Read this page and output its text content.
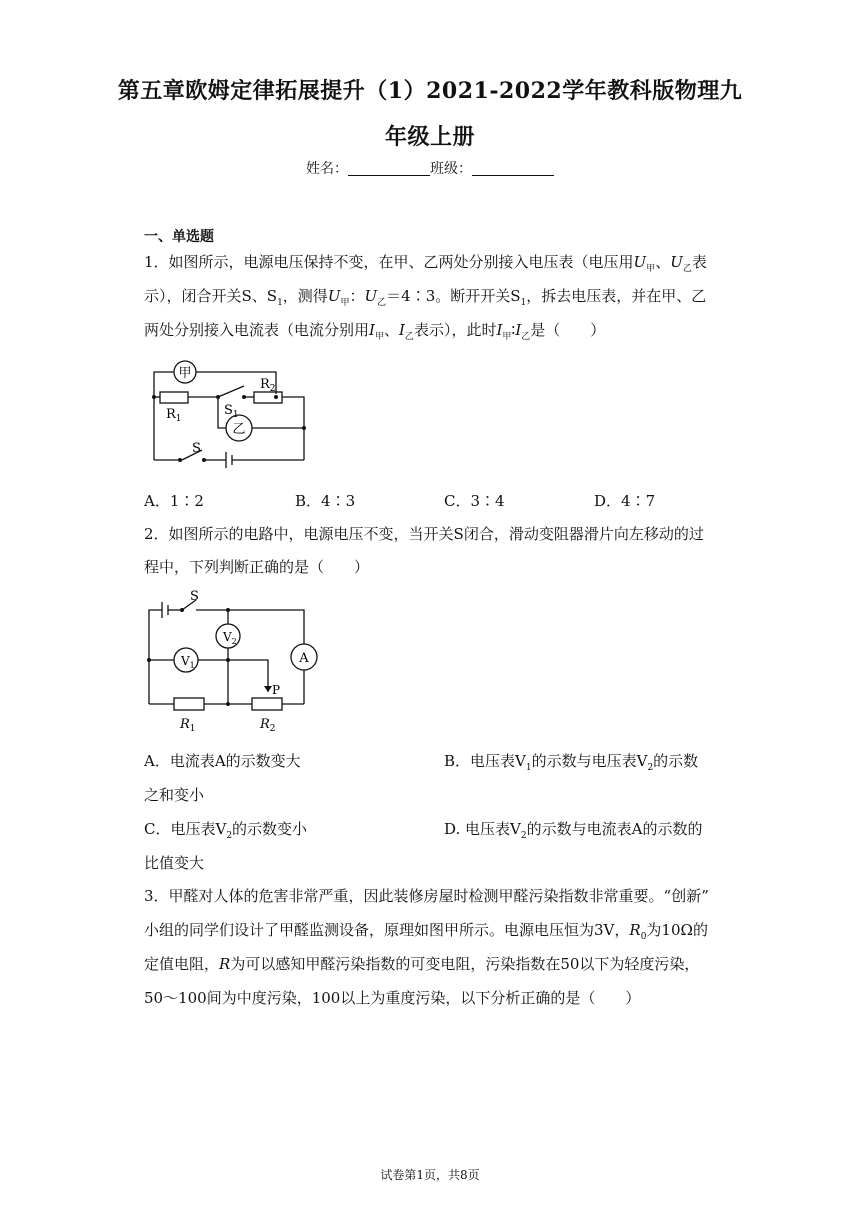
第五章欧姆定律拓展提升（1）2021-2022学年教科版物理九
年级上册
姓名：	班级：
一、单选题
1．如图所示，电源电压保持不变，在甲、乙两处分别接入电压表（电压用$U_甲$、$U_乙$表
示），闭合开关S、$S_1$，测得$U_甲$：$U_乙=4∶3$。断开开关$S_1$，拆去电压表，并在甲、乙
两处分别接入电流表（电流分别用$I_甲$、$I_乙$表示），此时$I_甲∶I_乙$是（　　）
甲
乙
$R_1$
$R_2$
$S_1$
S
A．1∶2	B．4∶3	C．3∶4	D．4∶7
2．如图所示的电路中，电源电压不变，当开关S闭合，滑动变阻器滑片向左移动的过
程中，下列判断正确的是（　　）
S
$V_2$
$V_1$	A
P
$R_1$	$R_2$
A．电流表A的示数变大	B．电压表$V_1$的示数与电压表$V_2$的示数
之和变小
C．电压表$V_2$的示数变小	D. 电压表$V_2$的示数与电流表A的示数的
比值变大
3．甲醛对人体的危害非常严重，因此装修房屋时检测甲醛污染指数非常重要。“创新”
小组的同学们设计了甲醛监测设备，原理如图甲所示。电源电压恒为3V，$R_0$为10Ω的
定值电阻，R为可以感知甲醛污染指数的可变电阻，污染指数在50以下为轻度污染，
50～100间为中度污染，100以上为重度污染，以下分析正确的是（　　）
试卷第1页，共8页
